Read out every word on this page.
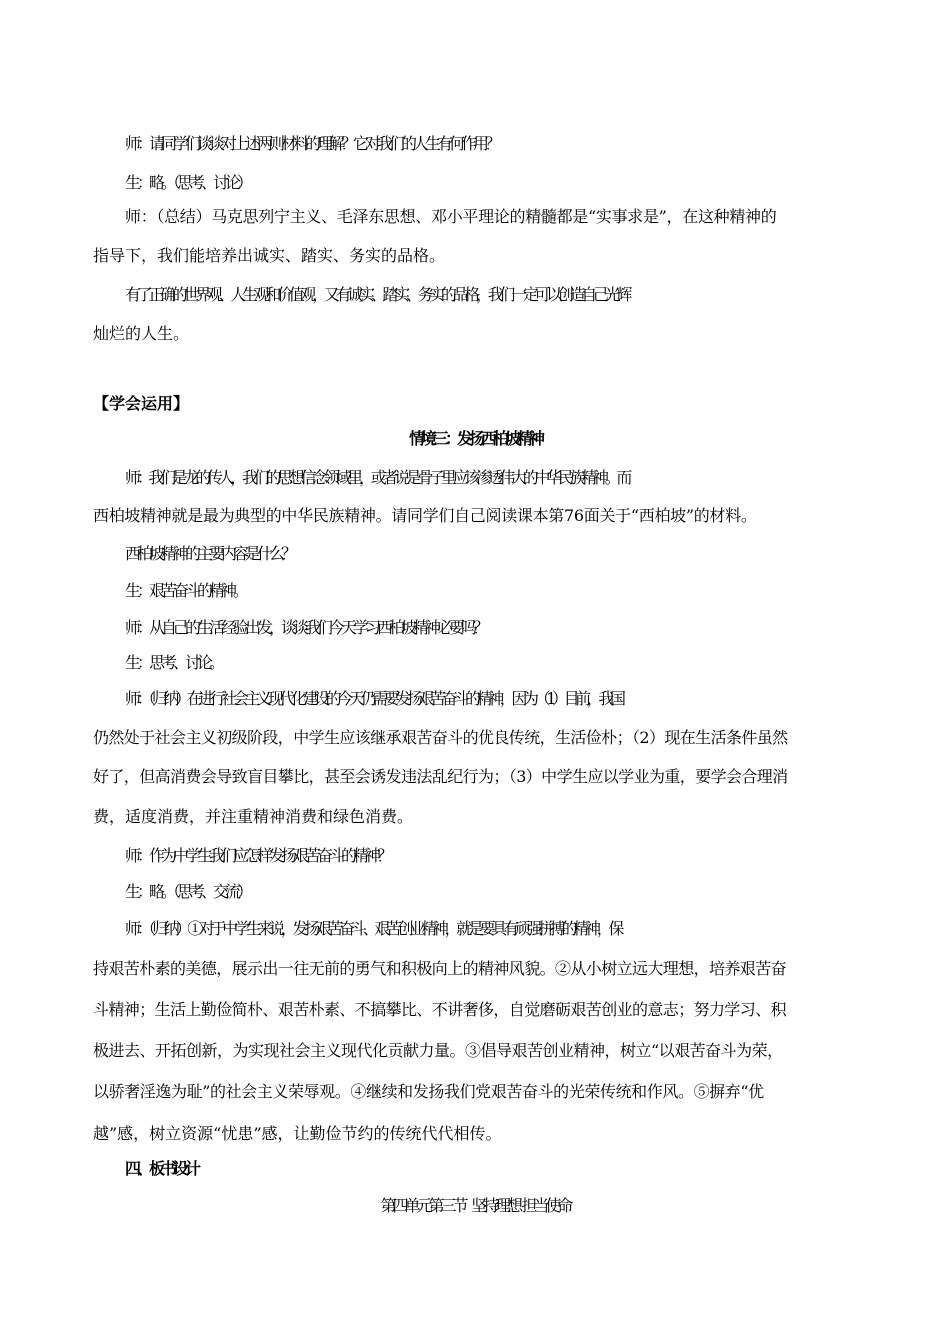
师：请同学们谈谈对上述两则材料的理解？它对我们的人生有何作用？
生：略。（思考、讨论）
师：（总结）马克思列宁主义、毛泽东思想、邓小平理论的精髓都是“实事求是”，在这种精神的
指导下，我们能培养出诚实、踏实、务实的品格。
有了正确的世界观、人生观和价值观，又有诚实、踏实、务实的品格，我们一定可以创造自己光辉
灿烂的人生。
【学会运用】
情境三：发扬西柏坡精神
师：我们是龙的传人，我们的思想信念领域里，或者说是骨子里应该渗透伟大的中华民族精神。而
西柏坡精神就是最为典型的中华民族精神。请同学们自己阅读课本第76面关于“西柏坡”的材料。
西柏坡精神的主要内容是什么？
生：艰苦奋斗的精神。
师：从自己的生活经验出发，谈谈我们今天学习西柏坡精神必要吗？
生：思考、讨论。
师：（归纳）在进行社会主义现代化建设的今天仍需要发扬艰苦奋斗的精神，因为（1）目前，我国
仍然处于社会主义初级阶段，中学生应该继承艰苦奋斗的优良传统，生活俭朴；（2）现在生活条件虽然
好了，但高消费会导致盲目攀比，甚至会诱发违法乱纪行为；（3）中学生应以学业为重，要学会合理消
费，适度消费，并注重精神消费和绿色消费。
师：作为中学生我们应怎样发扬艰苦奋斗的精神？
生：略。（思考、交流）
师：（归纳）①对于中学生来说，发扬艰苦奋斗、艰苦创业精神，就是要具有顽强拼搏的精神，保
持艰苦朴素的美德，展示出一往无前的勇气和积极向上的精神风貌。②从小树立远大理想，培养艰苦奋
斗精神；生活上勤俭简朴、艰苦朴素、不搞攀比、不讲奢侈，自觉磨砺艰苦创业的意志；努力学习、积
极进去、开拓创新，为实现社会主义现代化贡献力量。③倡导艰苦创业精神，树立“以艰苦奋斗为荣，
以骄奢淫逸为耻”的社会主义荣辱观。④继续和发扬我们党艰苦奋斗的光荣传统和作风。⑤摒弃“优
越”感，树立资源“忧患”感，让勤俭节约的传统代代相传。
四、板书设计
第四单元第三节      坚持理想  担当使命
